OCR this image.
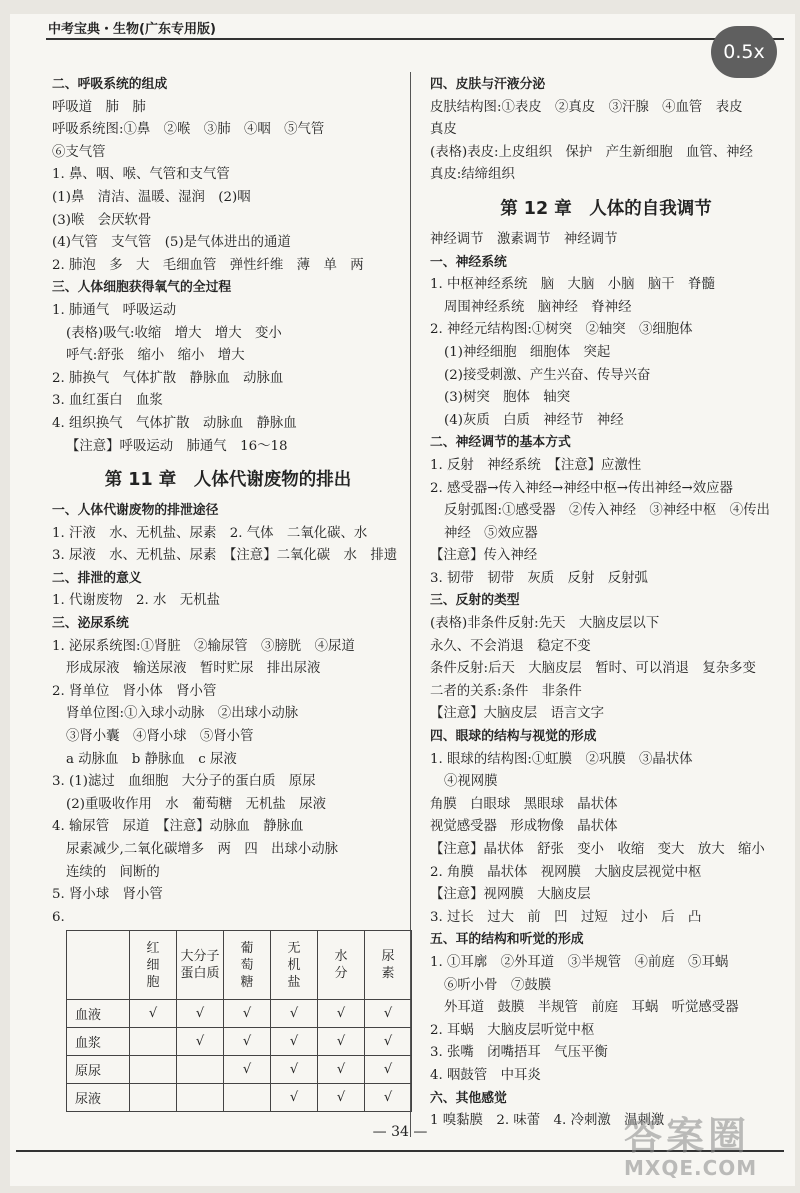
中考宝典・生物(广东专用版)
0.5x
二、呼吸系统的组成
呼吸道　肺　肺
呼吸系统图:①鼻　②喉　③肺　④咽　⑤气管
⑥支气管
1. 鼻、咽、喉、气管和支气管
(1)鼻　清洁、温暖、湿润　(2)咽
(3)喉　会厌软骨
(4)气管　支气管　(5)是气体进出的通道
2. 肺泡　多　大　毛细血管　弹性纤维　薄　单　两
三、人体细胞获得氧气的全过程
1. 肺通气　呼吸运动
(表格)吸气:收缩　增大　增大　变小
呼气:舒张　缩小　缩小　增大
2. 肺换气　气体扩散　静脉血　动脉血
3. 血红蛋白　血浆
4. 组织换气　气体扩散　动脉血　静脉血
【注意】呼吸运动　肺通气　16～18
第 11 章　人体代谢废物的排出
一、人体代谢废物的排泄途径
1. 汗液　水、无机盐、尿素　2. 气体　二氧化碳、水
3. 尿液　水、无机盐、尿素　【注意】二氧化碳　水　排遗
二、排泄的意义
1. 代谢废物　2. 水　无机盐
三、泌尿系统
1. 泌尿系统图:①肾脏　②输尿管　③膀胱　④尿道
形成尿液　输送尿液　暂时贮尿　排出尿液
2. 肾单位　肾小体　肾小管
肾单位图:①入球小动脉　②出球小动脉
③肾小囊　④肾小球　⑤肾小管
a 动脉血　b 静脉血　c 尿液
3. (1)滤过　血细胞　大分子的蛋白质　原尿
(2)重吸收作用　水　葡萄糖　无机盐　尿液
4. 输尿管　尿道　【注意】动脉血　静脉血
尿素减少,二氧化碳增多　两　四　出球小动脉
连续的　间断的
5. 肾小球　肾小管
6.
四、皮肤与汗液分泌
皮肤结构图:①表皮　②真皮　③汗腺　④血管　表皮
真皮
(表格)表皮:上皮组织　保护　产生新细胞　血管、神经
真皮:结缔组织
第 12 章　人体的自我调节
神经调节　激素调节　神经调节
一、神经系统
1. 中枢神经系统　脑　大脑　小脑　脑干　脊髓
周围神经系统　脑神经　脊神经
2. 神经元结构图:①树突　②轴突　③细胞体
(1)神经细胞　细胞体　突起
(2)接受刺激、产生兴奋、传导兴奋
(3)树突　胞体　轴突
(4)灰质　白质　神经节　神经
二、神经调节的基本方式
1. 反射　神经系统　【注意】应激性
2. 感受器→传入神经→神经中枢→传出神经→效应器
反射弧图:①感受器　②传入神经　③神经中枢　④传出
神经　⑤效应器
【注意】传入神经
3. 韧带　韧带　灰质　反射　反射弧
三、反射的类型
(表格)非条件反射:先天　大脑皮层以下
永久、不会消退　稳定不变
条件反射:后天　大脑皮层　暂时、可以消退　复杂多变
二者的关系:条件　非条件
【注意】大脑皮层　语言文字
四、眼球的结构与视觉的形成
1. 眼球的结构图:①虹膜　②巩膜　③晶状体
④视网膜
角膜　白眼球　黑眼球　晶状体
视觉感受器　形成物像　晶状体
【注意】晶状体　舒张　变小　收缩　变大　放大　缩小
2. 角膜　晶状体　视网膜　大脑皮层视觉中枢
【注意】视网膜　大脑皮层
3. 过长　过大　前　凹　过短　过小　后　凸
五、耳的结构和听觉的形成
1. ①耳廓　②外耳道　③半规管　④前庭　⑤耳蜗
⑥听小骨　⑦鼓膜
外耳道　鼓膜　半规管　前庭　耳蜗　听觉感受器
2. 耳蜗　大脑皮层听觉中枢
3. 张嘴　闭嘴捂耳　气压平衡
4. 咽鼓管　中耳炎
六、其他感觉
1 嗅黏膜　2. 味蕾　4. 冷刺激　温刺激
	红细胞	大分子蛋白质	葡萄糖	无机盐	水分	尿素
血液	√	√	√	√	√	√
血浆		√	√	√	√	√
原尿			√	√	√	√
尿液				√	√	√
— 34 —	答案圈
MXQE.COM
